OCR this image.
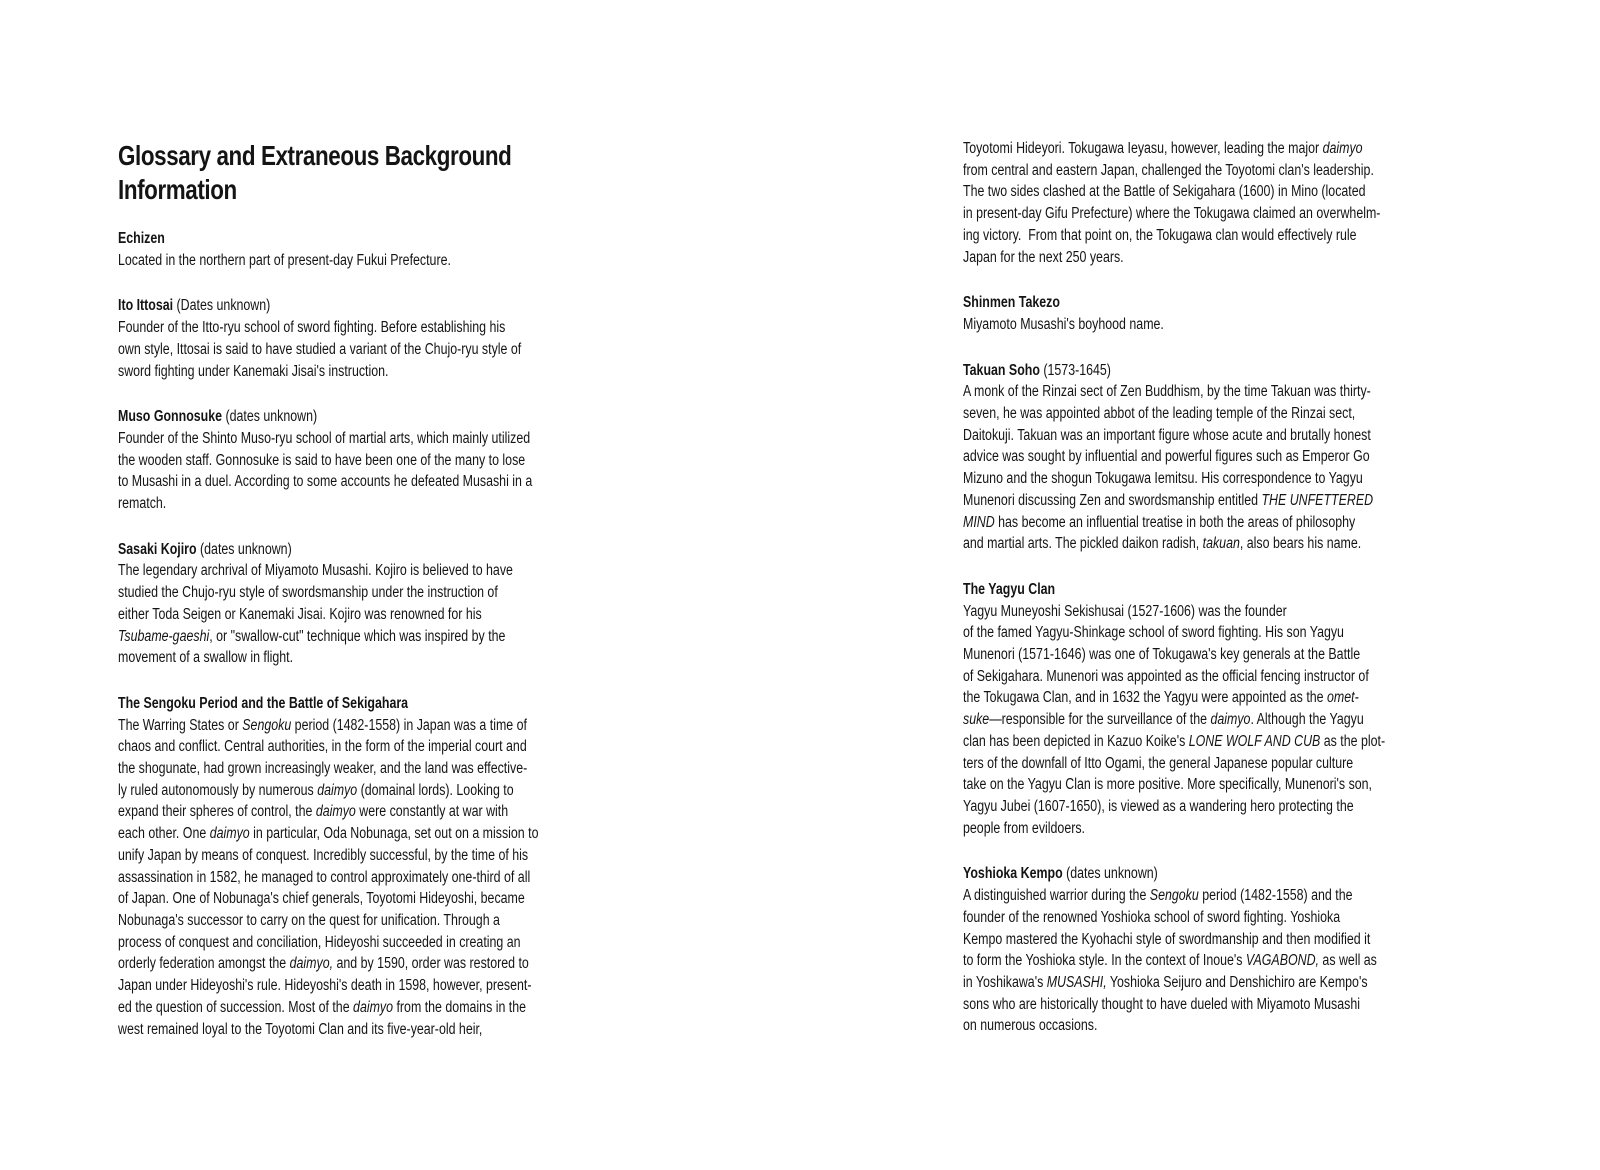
Glossary and Extraneous Background
Information
Echizen
Located in the northern part of present-day Fukui Prefecture.
Ito Ittosai (Dates unknown)
Founder of the Itto-ryu school of sword fighting. Before establishing his
own style, Ittosai is said to have studied a variant of the Chujo-ryu style of
sword fighting under Kanemaki Jisai's instruction.
Muso Gonnosuke (dates unknown)
Founder of the Shinto Muso-ryu school of martial arts, which mainly utilized
the wooden staff. Gonnosuke is said to have been one of the many to lose
to Musashi in a duel. According to some accounts he defeated Musashi in a
rematch.
Sasaki Kojiro (dates unknown)
The legendary archrival of Miyamoto Musashi. Kojiro is believed to have
studied the Chujo-ryu style of swordsmanship under the instruction of
either Toda Seigen or Kanemaki Jisai. Kojiro was renowned for his
Tsubame-gaeshi, or "swallow-cut" technique which was inspired by the
movement of a swallow in flight.
The Sengoku Period and the Battle of Sekigahara
The Warring States or Sengoku period (1482-1558) in Japan was a time of
chaos and conflict. Central authorities, in the form of the imperial court and
the shogunate, had grown increasingly weaker, and the land was effective-
ly ruled autonomously by numerous daimyo (domainal lords). Looking to
expand their spheres of control, the daimyo were constantly at war with
each other. One daimyo in particular, Oda Nobunaga, set out on a mission to
unify Japan by means of conquest. Incredibly successful, by the time of his
assassination in 1582, he managed to control approximately one-third of all
of Japan. One of Nobunaga's chief generals, Toyotomi Hideyoshi, became
Nobunaga's successor to carry on the quest for unification. Through a
process of conquest and conciliation, Hideyoshi succeeded in creating an
orderly federation amongst the daimyo, and by 1590, order was restored to
Japan under Hideyoshi's rule. Hideyoshi's death in 1598, however, present-
ed the question of succession. Most of the daimyo from the domains in the
west remained loyal to the Toyotomi Clan and its five-year-old heir,
Toyotomi Hideyori. Tokugawa Ieyasu, however, leading the major daimyo
from central and eastern Japan, challenged the Toyotomi clan's leadership.
The two sides clashed at the Battle of Sekigahara (1600) in Mino (located
in present-day Gifu Prefecture) where the Tokugawa claimed an overwhelm-
ing victory.  From that point on, the Tokugawa clan would effectively rule
Japan for the next 250 years.
Shinmen Takezo
Miyamoto Musashi's boyhood name.
Takuan Soho (1573-1645)
A monk of the Rinzai sect of Zen Buddhism, by the time Takuan was thirty-
seven, he was appointed abbot of the leading temple of the Rinzai sect,
Daitokuji. Takuan was an important figure whose acute and brutally honest
advice was sought by influential and powerful figures such as Emperor Go
Mizuno and the shogun Tokugawa Iemitsu. His correspondence to Yagyu
Munenori discussing Zen and swordsmanship entitled THE UNFETTERED
MIND has become an influential treatise in both the areas of philosophy
and martial arts. The pickled daikon radish, takuan, also bears his name.
The Yagyu Clan
Yagyu Muneyoshi Sekishusai (1527-1606) was the founder
of the famed Yagyu-Shinkage school of sword fighting. His son Yagyu
Munenori (1571-1646) was one of Tokugawa's key generals at the Battle
of Sekigahara. Munenori was appointed as the official fencing instructor of
the Tokugawa Clan, and in 1632 the Yagyu were appointed as the omet-
suke—responsible for the surveillance of the daimyo. Although the Yagyu
clan has been depicted in Kazuo Koike's LONE WOLF AND CUB as the plot-
ters of the downfall of Itto Ogami, the general Japanese popular culture
take on the Yagyu Clan is more positive. More specifically, Munenori's son,
Yagyu Jubei (1607-1650), is viewed as a wandering hero protecting the
people from evildoers.
Yoshioka Kempo (dates unknown)
A distinguished warrior during the Sengoku period (1482-1558) and the
founder of the renowned Yoshioka school of sword fighting. Yoshioka
Kempo mastered the Kyohachi style of swordmanship and then modified it
to form the Yoshioka style. In the context of Inoue's VAGABOND, as well as
in Yoshikawa's MUSASHI, Yoshioka Seijuro and Denshichiro are Kempo's
sons who are historically thought to have dueled with Miyamoto Musashi
on numerous occasions.
